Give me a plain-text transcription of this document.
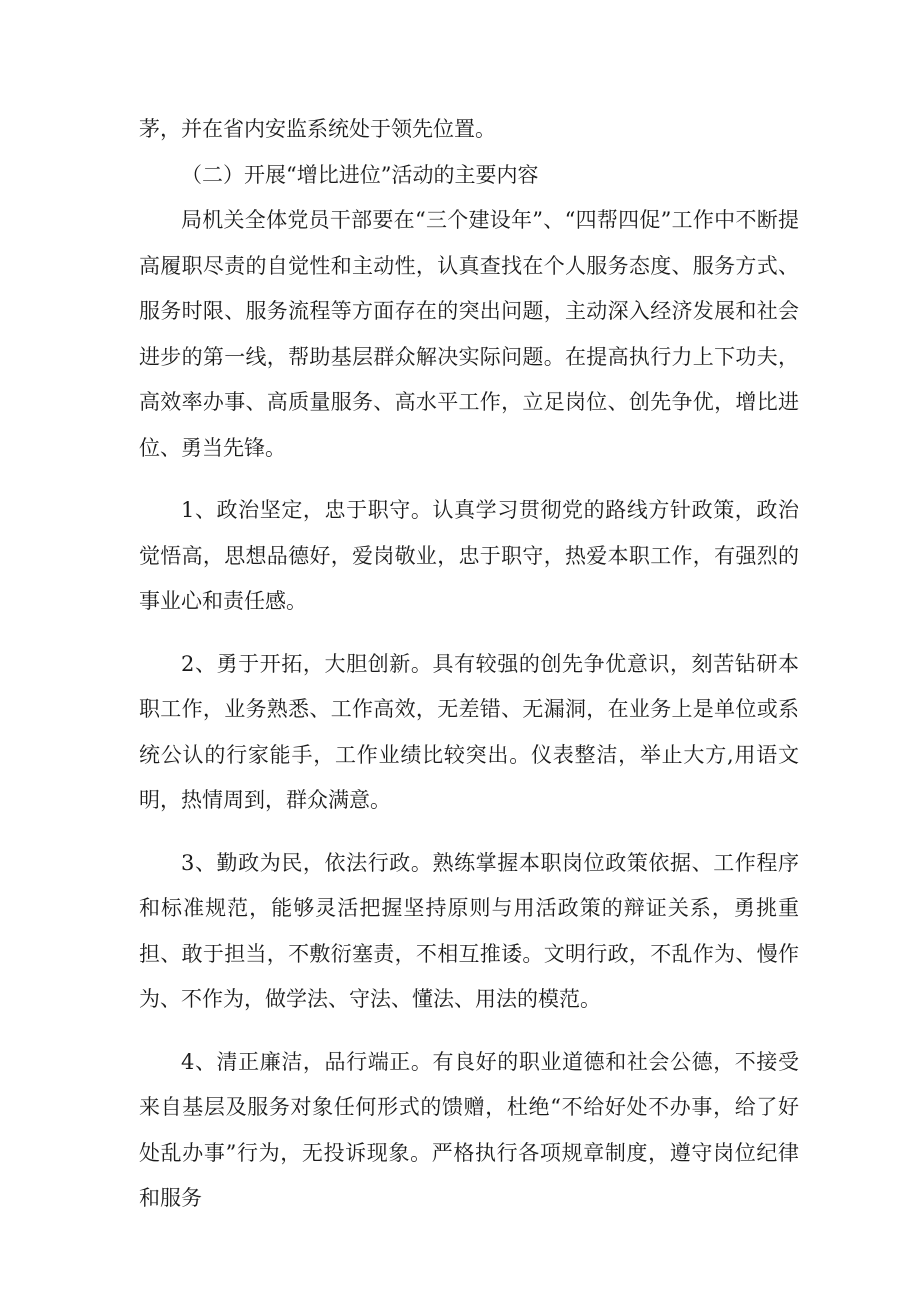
茅，并在省内安监系统处于领先位置。

（二）开展“增比进位”活动的主要内容

局机关全体党员干部要在“三个建设年”、“四帮四促”工作中不断提高履职尽责的自觉性和主动性，认真查找在个人服务态度、服务方式、服务时限、服务流程等方面存在的突出问题，主动深入经济发展和社会进步的第一线，帮助基层群众解决实际问题。在提高执行力上下功夫，高效率办事、高质量服务、高水平工作，立足岗位、创先争优，增比进位、勇当先锋。

1、政治坚定，忠于职守。认真学习贯彻党的路线方针政策，政治觉悟高，思想品德好，爱岗敬业，忠于职守，热爱本职工作，有强烈的事业心和责任感。

2、勇于开拓，大胆创新。具有较强的创先争优意识，刻苦钻研本职工作，业务熟悉、工作高效，无差错、无漏洞，在业务上是单位或系统公认的行家能手，工作业绩比较突出。仪表整洁，举止大方,用语文明，热情周到，群众满意。

3、勤政为民，依法行政。熟练掌握本职岗位政策依据、工作程序和标准规范，能够灵活把握坚持原则与用活政策的辩证关系，勇挑重担、敢于担当，不敷衍塞责，不相互推诿。文明行政，不乱作为、慢作为、不作为，做学法、守法、懂法、用法的模范。

4、清正廉洁，品行端正。有良好的职业道德和社会公德，不接受来自基层及服务对象任何形式的馈赠，杜绝“不给好处不办事，给了好处乱办事”行为，无投诉现象。严格执行各项规章制度，遵守岗位纪律和服务
